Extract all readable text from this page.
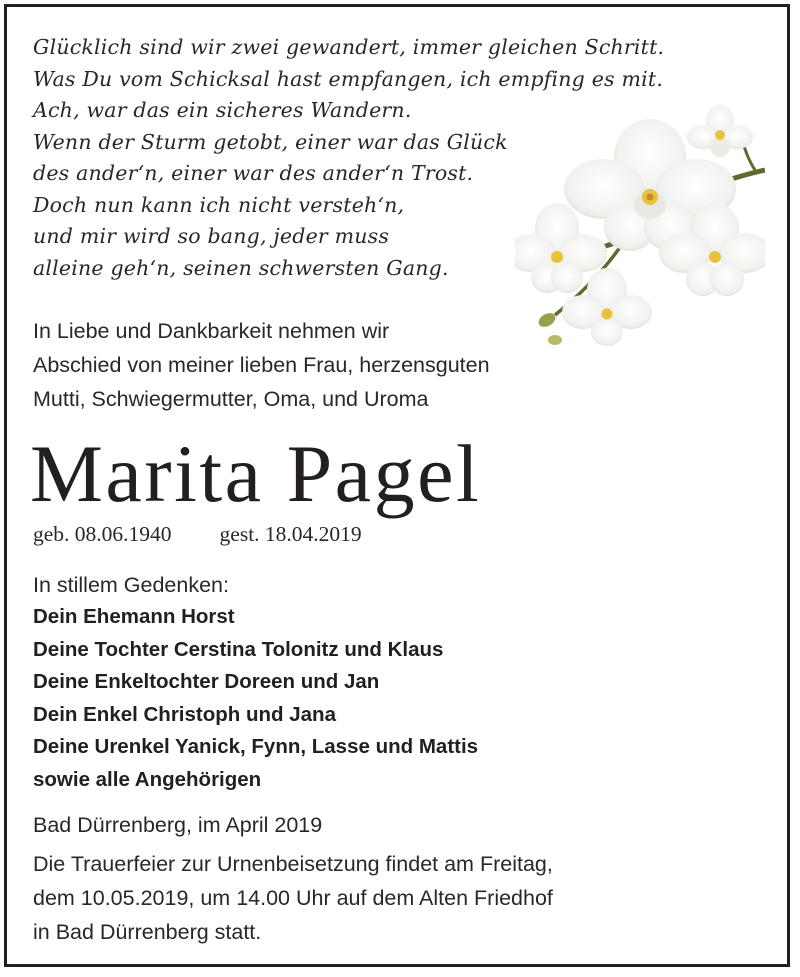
Glücklich sind wir zwei gewandert, immer gleichen Schritt.
Was Du vom Schicksal hast empfangen, ich empfing es mit.
Ach, war das ein sicheres Wandern.
Wenn der Sturm getobt, einer war das Glück
des ander‘n, einer war des ander‘n Trost.
Doch nun kann ich nicht versteh‘n,
und mir wird so bang, jeder muss
alleine geh‘n, seinen schwersten Gang.
In Liebe und Dankbarkeit nehmen wir
Abschied von meiner lieben Frau, herzensguten
Mutti, Schwiegermutter, Oma, und Uroma
Marita Pagel
geb. 08.06.1940 gest. 18.04.2019
In stillem Gedenken:
Dein Ehemann Horst
Deine Tochter Cerstina Tolonitz und Klaus
Deine Enkeltochter Doreen und Jan
Dein Enkel Christoph und Jana
Deine Urenkel Yanick, Fynn, Lasse und Mattis
sowie alle Angehörigen
Bad Dürrenberg, im April 2019
Die Trauerfeier zur Urnenbeisetzung findet am Freitag,
dem 10.05.2019, um 14.00 Uhr auf dem Alten Friedhof
in Bad Dürrenberg statt.
